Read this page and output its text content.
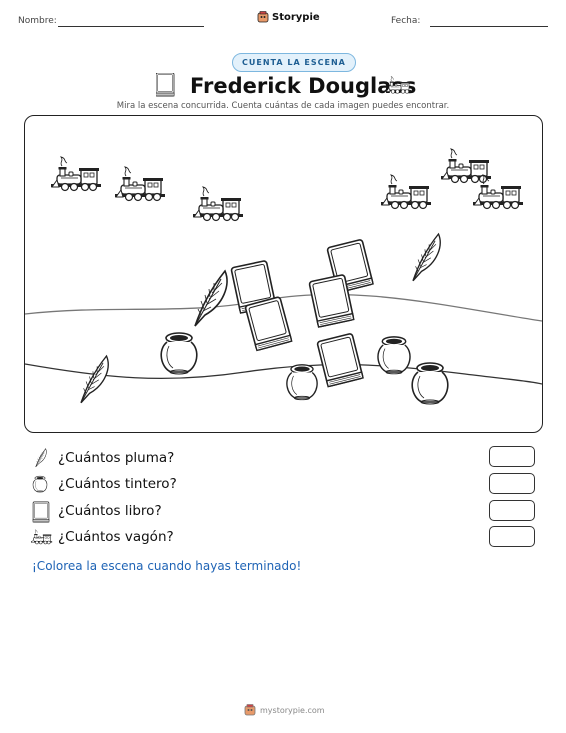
Nombre:	Storypie	Fecha:
CUENTA LA ESCENA
Frederick Douglass
Mira la escena concurrida. Cuenta cuántas de cada imagen puedes encontrar.
¿Cuántos pluma?
¿Cuántos tintero?
¿Cuántos libro?
¿Cuántos vagón?
¡Colorea la escena cuando hayas terminado!
mystorypie.com
